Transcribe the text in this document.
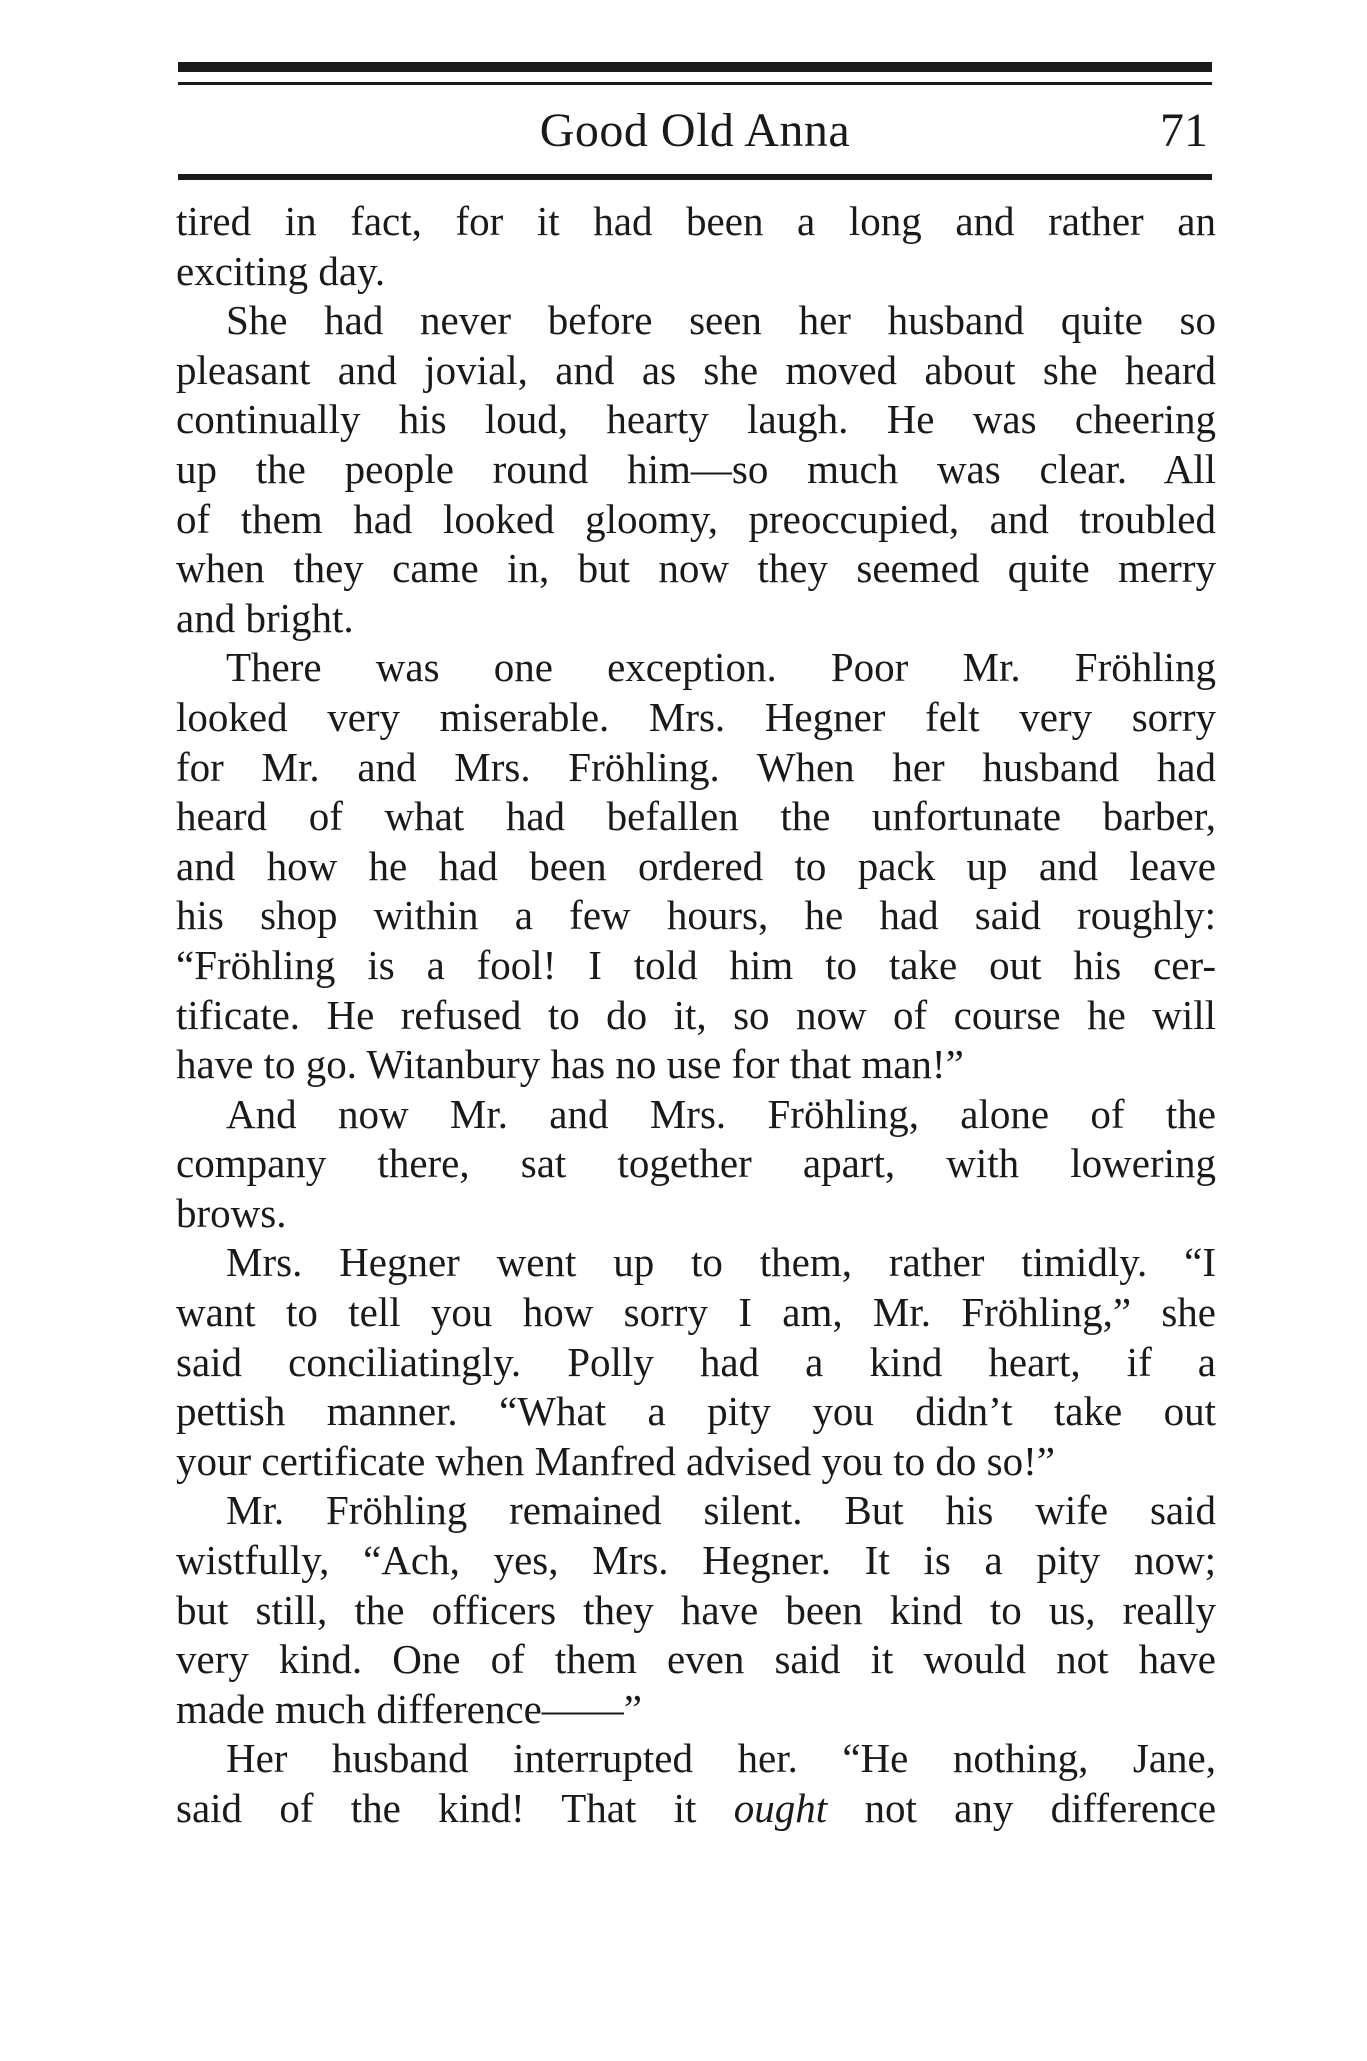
Good Old Anna	71
tired in fact, for it had been a long and rather an
exciting day.
She had never before seen her husband quite so
pleasant and jovial, and as she moved about she heard
continually his loud, hearty laugh. He was cheering
up the people round him—so much was clear. All
of them had looked gloomy, preoccupied, and troubled
when they came in, but now they seemed quite merry
and bright.
There was one exception. Poor Mr. Fröhling
looked very miserable. Mrs. Hegner felt very sorry
for Mr. and Mrs. Fröhling. When her husband had
heard of what had befallen the unfortunate barber,
and how he had been ordered to pack up and leave
his shop within a few hours, he had said roughly:
“Fröhling is a fool! I told him to take out his cer-
tificate. He refused to do it, so now of course he will
have to go. Witanbury has no use for that man!”
And now Mr. and Mrs. Fröhling, alone of the
company there, sat together apart, with lowering
brows.
Mrs. Hegner went up to them, rather timidly. “I
want to tell you how sorry I am, Mr. Fröhling,” she
said conciliatingly. Polly had a kind heart, if a
pettish manner. “What a pity you didn’t take out
your certificate when Manfred advised you to do so!”
Mr. Fröhling remained silent. But his wife said
wistfully, “Ach, yes, Mrs. Hegner. It is a pity now;
but still, the officers they have been kind to us, really
very kind. One of them even said it would not have
made much difference——”
Her husband interrupted her. “He nothing, Jane,
said of the kind! That it ought not any difference
